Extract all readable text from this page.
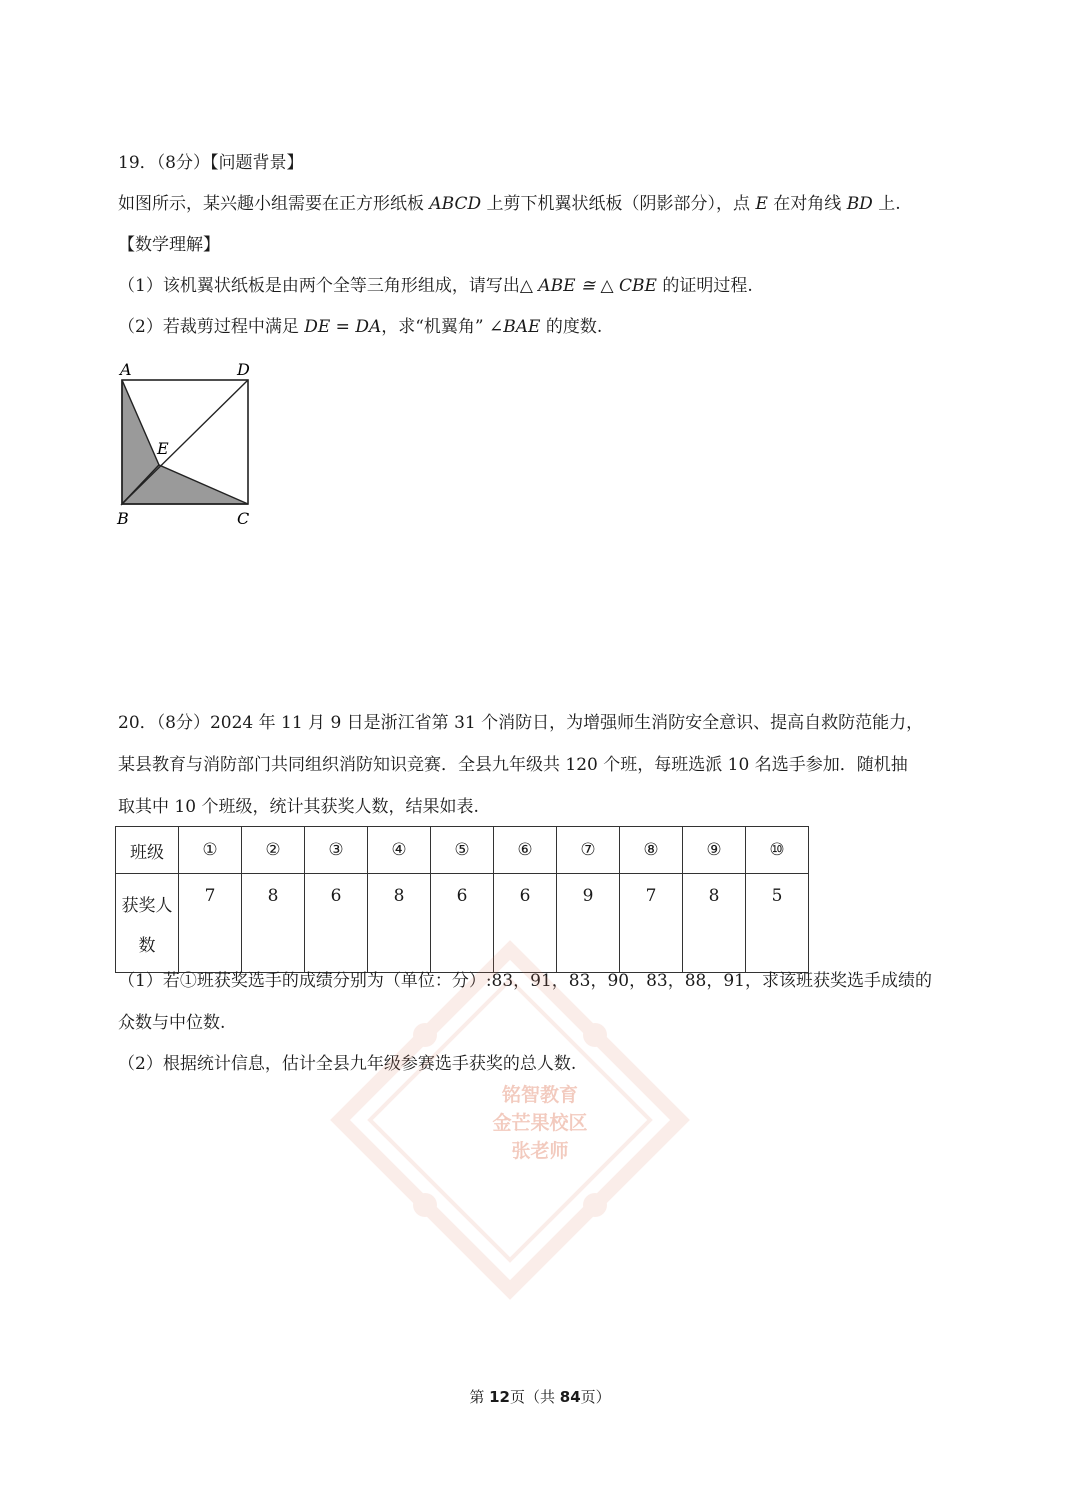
19．（8分）【问题背景】
如图所示，某兴趣小组需要在正方形纸板 ABCD 上剪下机翼状纸板（阴影部分），点 E 在对角线 BD 上.
【数学理解】
（1）该机翼状纸板是由两个全等三角形组成，请写出△ ABE ≅ △ CBE 的证明过程.
（2）若裁剪过程中满足 DE = DA，求“机翼角” ∠BAE 的度数.
A	D
E
B	C
20．（8分）2024 年 11 月 9 日是浙江省第 31 个消防日，为增强师生消防安全意识、提高自救防范能力，
某县教育与消防部门共同组织消防知识竞赛．全县九年级共 120 个班，每班选派 10 名选手参加．随机抽
取其中 10 个班级，统计其获奖人数，结果如表.
班级	①	②	③	④	⑤	⑥	⑦	⑧	⑨	⑩

获奖人
数	7	8	6	8	6	6	9	7	8	5
（1）若①班获奖选手的成绩分别为（单位：分）:83，91，83，90，83，88，91，求该班获奖选手成绩的
众数与中位数.
（2）根据统计信息，估计全县九年级参赛选手获奖的总人数.
铭智教育
金芒果校区
张老师
第 12页（共 84页）
